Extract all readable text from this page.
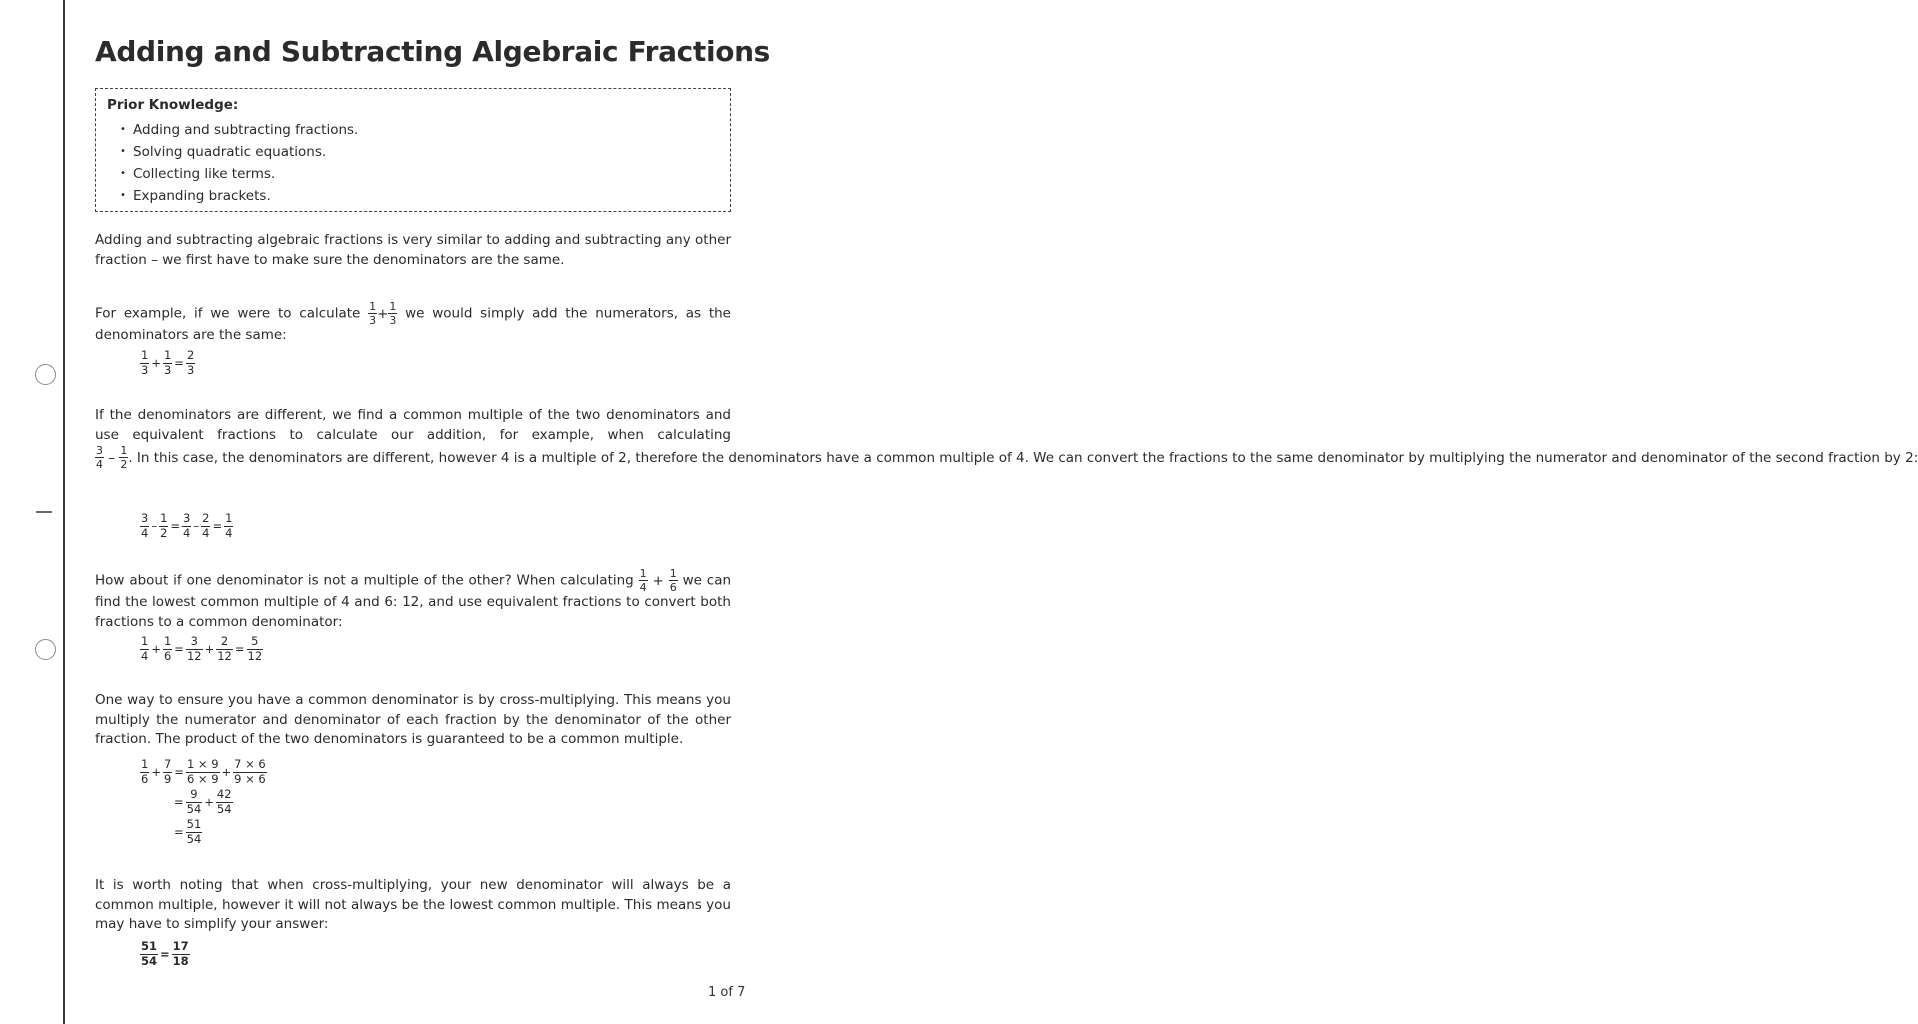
Adding and Subtracting Algebraic Fractions
Prior Knowledge:
• Adding and subtracting fractions.
• Solving quadratic equations.
• Collecting like terms.
• Expanding brackets.

Adding and subtracting algebraic fractions is very similar to adding and subtracting any other fraction – we first have to make sure the denominators are the same.

For example, if we were to calculate $\frac{1}{3} + \frac{1}{3}$ we would simply add the numerators, as the denominators are the same:

$\frac{1}{3} + \frac{1}{3} = \frac{2}{3}$

If the denominators are different, we find a common multiple of the two denominators and use equivalent fractions to calculate our addition, for example, when calculating
$\frac{3}{4} - \frac{1}{2}$ . In this case, the denominators are different, however 4 is a multiple of 2, therefore the denominators have a common multiple of 4. We can convert the fractions to the same denominator by multiplying the numerator and denominator of the second fraction by 2:

$\frac{3}{4} - \frac{1}{2} = \frac{3}{4} - \frac{2}{4} = \frac{1}{4}$

How about if one denominator is not a multiple of the other? When calculating $\frac{1}{4} + \frac{1}{6}$ we can find the lowest common multiple of 4 and 6: 12, and use equivalent fractions to convert both fractions to a common denominator:

$\frac{1}{4} + \frac{1}{6} = \frac{3}{12} + \frac{2}{12} = \frac{5}{12}$

One way to ensure you have a common denominator is by cross-multiplying. This means you multiply the numerator and denominator of each fraction by the denominator of the other fraction. The product of the two denominators is guaranteed to be a common multiple.

$\frac{1}{6} + \frac{7}{9} = \frac{1 \times 9}{6 \times 9} + \frac{7 \times 6}{9 \times 6}$
= $\frac{9}{54} + \frac{42}{54}$
= $\frac{51}{54}$

It is worth noting that when cross-multiplying, your new denominator will always be a common multiple, however it will not always be the lowest common multiple. This means you may have to simplify your answer:

$\frac{51}{54} = \frac{17}{18}$
1 of 7
